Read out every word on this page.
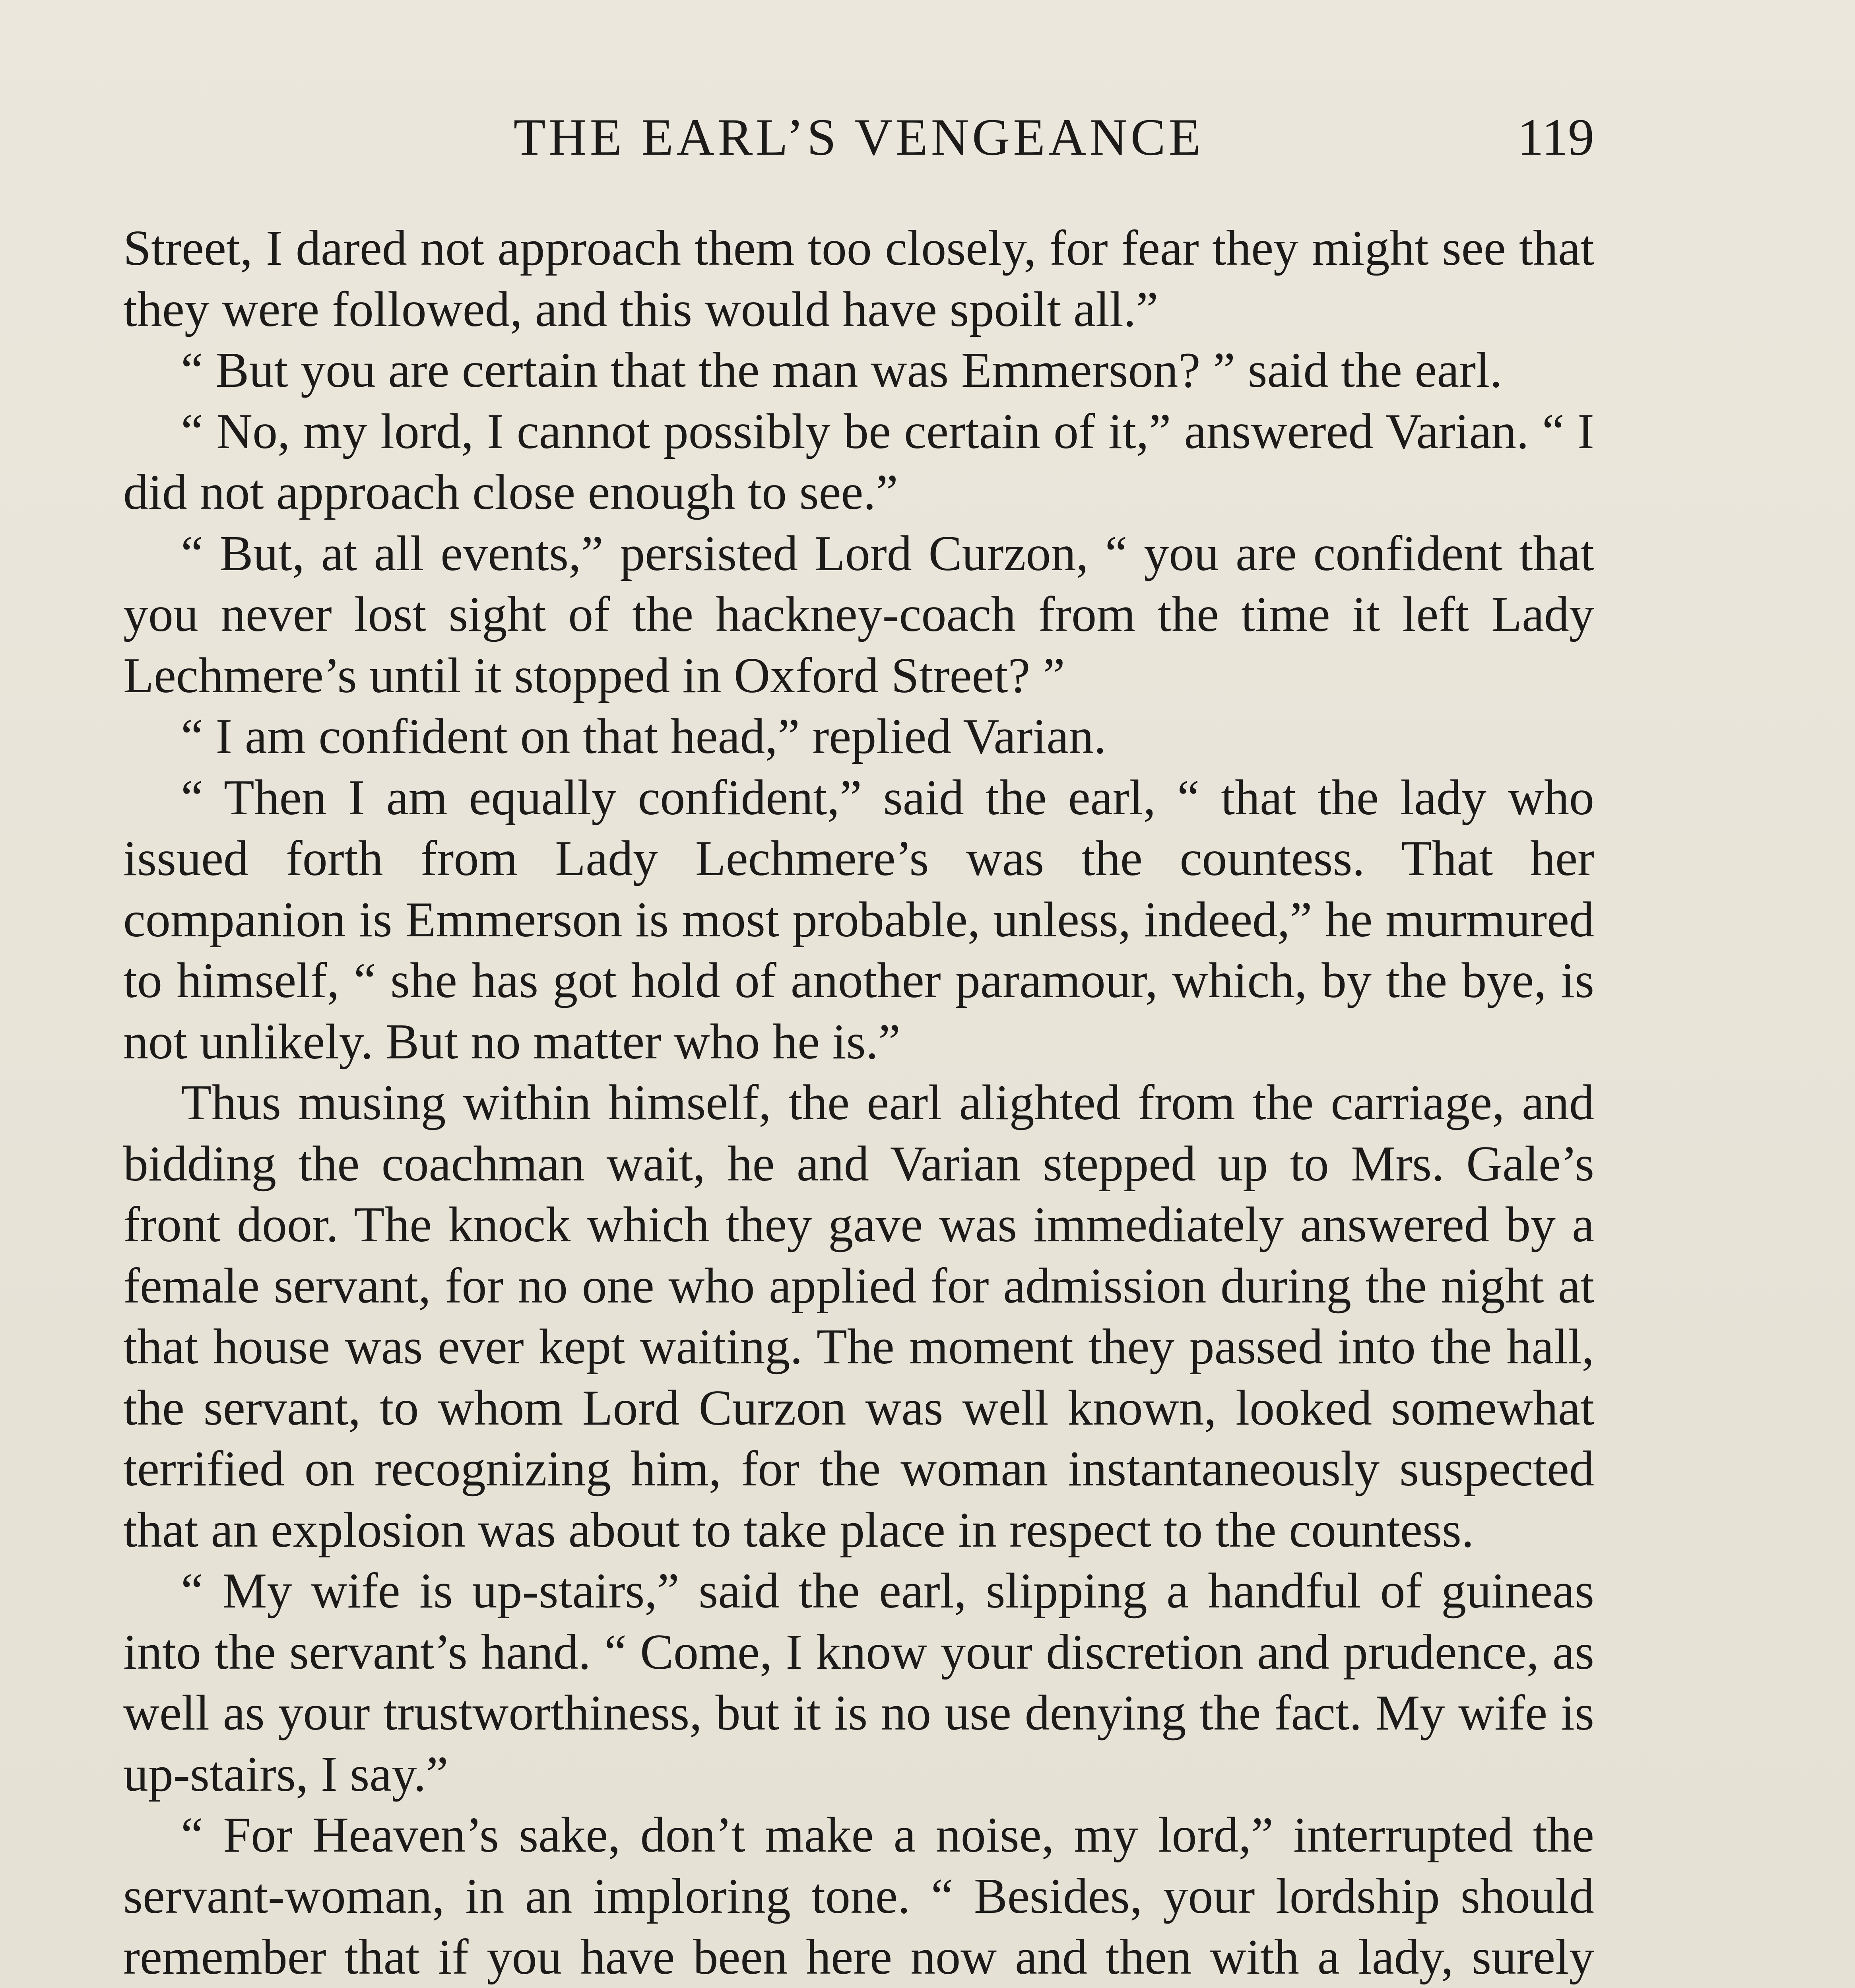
THE EARL’S VENGEANCE	119

Street, I dared not approach them too closely, for fear they might see that they were followed, and this would have spoilt all.”

“ But you are certain that the man was Emmerson? ” said the earl.

“ No, my lord, I cannot possibly be certain of it,” answered Varian. “ I did not approach close enough to see.”

“ But, at all events,” persisted Lord Curzon, “ you are confident that you never lost sight of the hackney-coach from the time it left Lady Lechmere’s until it stopped in Oxford Street? ”

“ I am confident on that head,” replied Varian.

“ Then I am equally confident,” said the earl, “ that the lady who issued forth from Lady Lechmere’s was the countess. That her companion is Emmerson is most probable, unless, indeed,” he murmured to himself, “ she has got hold of another paramour, which, by the bye, is not unlikely. But no matter who he is.”

Thus musing within himself, the earl alighted from the carriage, and bidding the coachman wait, he and Varian stepped up to Mrs. Gale’s front door. The knock which they gave was immediately answered by a female servant, for no one who applied for admission during the night at that house was ever kept waiting. The moment they passed into the hall, the servant, to whom Lord Curzon was well known, looked somewhat terrified on recognizing him, for the woman instantaneously suspected that an explosion was about to take place in respect to the countess.

“ My wife is up-stairs,” said the earl, slipping a handful of guineas into the servant’s hand. “ Come, I know your discretion and prudence, as well as your trustworthiness, but it is no use denying the fact. My wife is up-stairs, I say.”

“ For Heaven’s sake, don’t make a noise, my lord,” interrupted the servant-woman, in an imploring tone. “ Besides, your lordship should remember that if you have been here now and then with a lady, surely
